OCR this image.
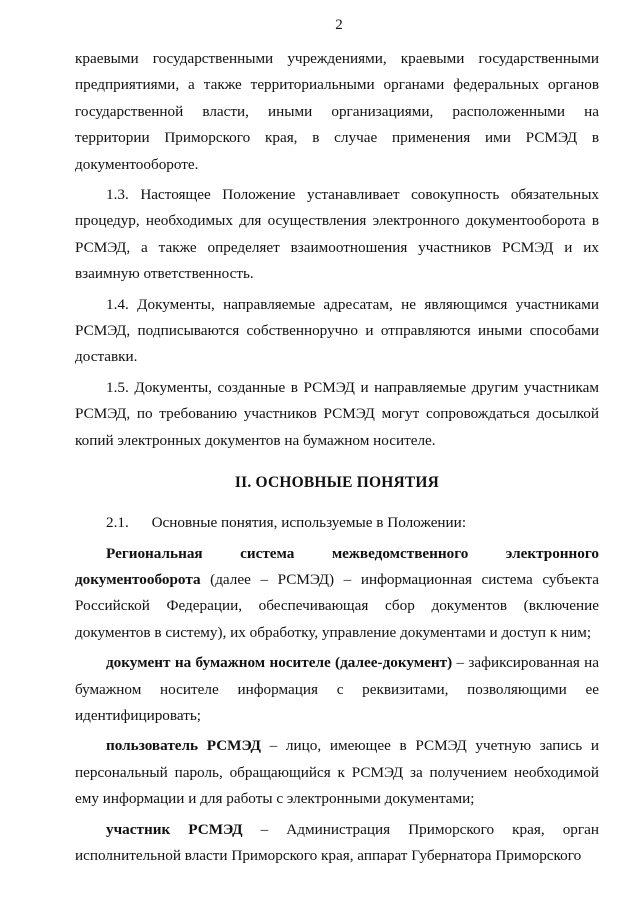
2

краевыми государственными учреждениями, краевыми государственными предприятиями, а также территориальными органами федеральных органов государственной власти, иными организациями, расположенными на территории Приморского края, в случае применения ими РСМЭД в документообороте.

1.3. Настоящее Положение устанавливает совокупность обязательных процедур, необходимых для осуществления электронного документооборота в РСМЭД, а также определяет взаимоотношения участников РСМЭД и их взаимную ответственность.

1.4. Документы, направляемые адресатам, не являющимся участниками РСМЭД, подписываются собственноручно и отправляются иными способами доставки.

1.5. Документы, созданные в РСМЭД и направляемые другим участникам РСМЭД, по требованию участников РСМЭД могут сопровождаться досылкой копий электронных документов на бумажном носителе.

II. ОСНОВНЫЕ ПОНЯТИЯ

2.1.      Основные понятия, используемые в Положении:

Региональная система межведомственного электронного документооборота (далее – РСМЭД) – информационная система субъекта Российской Федерации, обеспечивающая сбор документов (включение документов в систему), их обработку, управление документами и доступ к ним;

документ на бумажном носителе (далее-документ) – зафиксированная на бумажном носителе информация с реквизитами, позволяющими ее идентифицировать;

пользователь РСМЭД – лицо, имеющее в РСМЭД учетную запись и персональный пароль, обращающийся к РСМЭД за получением необходимой ему информации и для работы с электронными документами;

участник РСМЭД – Администрация Приморского края, орган исполнительной власти Приморского края, аппарат Губернатора Приморского
